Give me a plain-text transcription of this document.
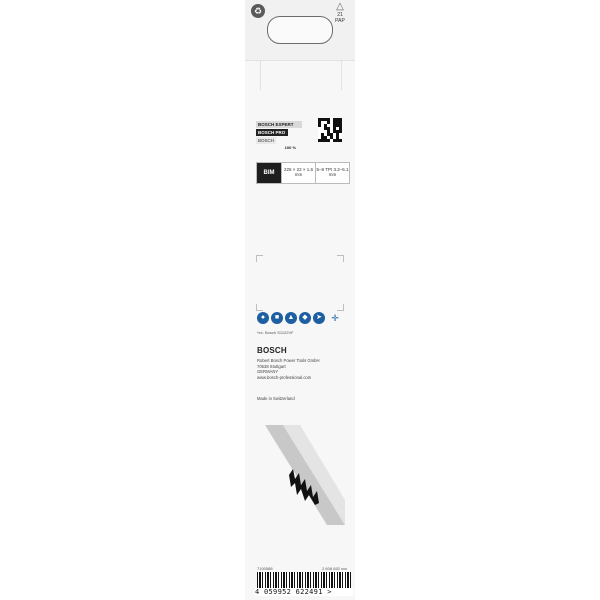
♻	△
21
PAP
BOSCH EXPERT
BOSCH PRO
BOSCH
100 %
BIM
225 × 22 × 1.6 mm
5–8 TPI 3.2–5.1 mm
●	■	▲	◆	➤	✛
*ex. Bosch S1122VF
BOSCH
Robert Bosch Power Tools GmbH
70538 Stuttgart
GERMANY
www.bosch-professional.com
Made in Switzerland
7100588	2 608 652 xxx
4 059952 622491 >
